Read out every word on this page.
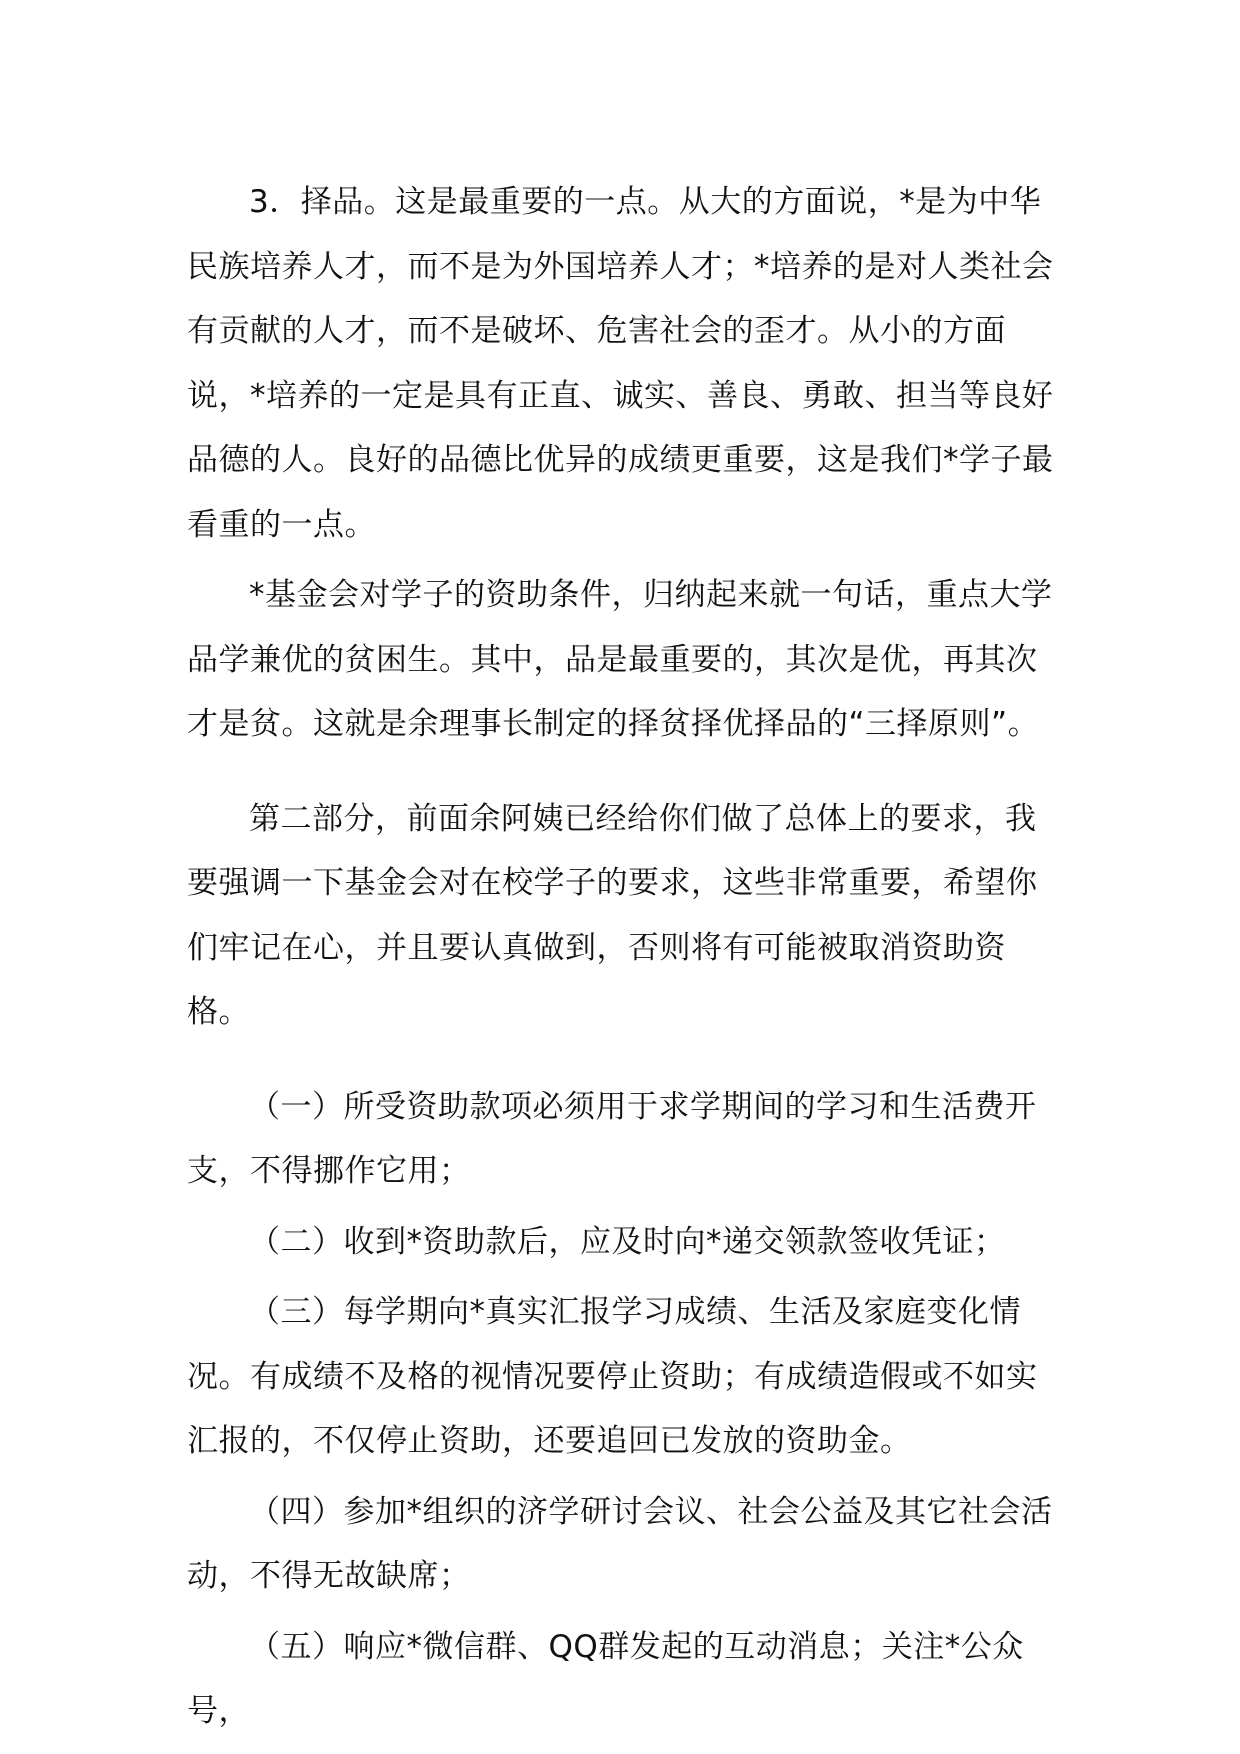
3．择品。这是最重要的一点。从大的方面说，*是为中华民族培养人才，而不是为外国培养人才；*培养的是对人类社会有贡献的人才，而不是破坏、危害社会的歪才。从小的方面说，*培养的一定是具有正直、诚实、善良、勇敢、担当等良好品德的人。良好的品德比优异的成绩更重要，这是我们*学子最看重的一点。

*基金会对学子的资助条件，归纳起来就一句话，重点大学品学兼优的贫困生。其中，品是最重要的，其次是优，再其次才是贫。这就是余理事长制定的择贫择优择品的“三择原则”。

第二部分，前面余阿姨已经给你们做了总体上的要求，我要强调一下基金会对在校学子的要求，这些非常重要，希望你们牢记在心，并且要认真做到，否则将有可能被取消资助资格。

（一）所受资助款项必须用于求学期间的学习和生活费开支，不得挪作它用；

（二）收到*资助款后，应及时向*递交领款签收凭证；

（三）每学期向*真实汇报学习成绩、生活及家庭变化情况。有成绩不及格的视情况要停止资助；有成绩造假或不如实汇报的，不仅停止资助，还要追回已发放的资助金。

（四）参加*组织的济学研讨会议、社会公益及其它社会活动，不得无故缺席；

（五）响应*微信群、QQ群发起的互动消息；关注*公众号，
